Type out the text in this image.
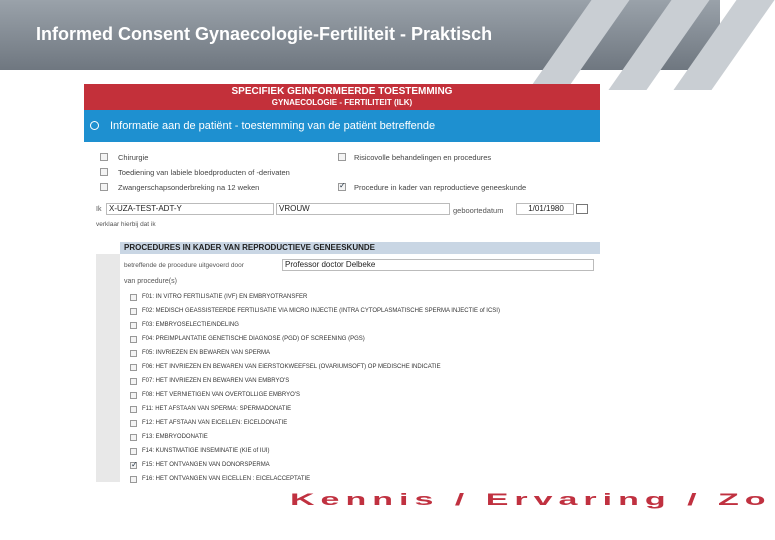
Informed Consent Gynaecologie-Fertiliteit - Praktisch
SPECIFIEK GEINFORMEERDE TOESTEMMING
GYNAECOLOGIE - FERTILITEIT (ILK)
Informatie aan de patiënt - toestemming van de patiënt betreffende
Chirurgie	Risicovolle behandelingen en procedures
Toediening van labiele bloedproducten of -derivaten
Zwangerschapsonderbreking na 12 weken
✓	Procedure in kader van reproductieve geneeskunde
Ik X-UZA-TEST-ADT-Y	VROUW	geboortedatum	1/01/1980
verklaar hierbij dat ik
PROCEDURES IN KADER VAN REPRODUCTIEVE GENEESKUNDE
betreffende de procedure uitgevoerd door	Professor doctor Delbeke
van procedure(s)
F01: IN VITRO FERTILISATIE (IVF) EN EMBRYOTRANSFER
F02: MEDISCH GEASSISTEERDE FERTILISATIE VIA MICRO INJECTIE (INTRA CYTOPLASMATISCHE SPERMA INJECTIE of ICSI)
F03: EMBRYOSELECTIE/NDELING
F04: PREIMPLANTATIE GENETISCHE DIAGNOSE (PGD) OF SCREENING (PGS)
F05: INVRIEZEN EN BEWAREN VAN SPERMA
F06: HET INVRIEZEN EN BEWAREN VAN EIERSTOKWEEFSEL (OVARIUMSOFT) OP MEDISCHE INDICATIE
F07: HET INVRIEZEN EN BEWAREN VAN EMBRYO'S
F08: HET VERNIETIGEN VAN OVERTOLLIGE EMBRYO'S
F11: HET AFSTAAN VAN SPERMA: SPERMADONATIE
F12: HET AFSTAAN VAN EICELLEN: EICELDONATIE
F13: EMBRYODONATIE
F14: KUNSTMATIGE INSEMINATIE (KIE of IUI)
✓
F15: HET ONTVANGEN VAN DONORSPERMA
F16: HET ONTVANGEN VAN EICELLEN : EICELACCEPTATIE
Kennis / Ervaring / Zo
